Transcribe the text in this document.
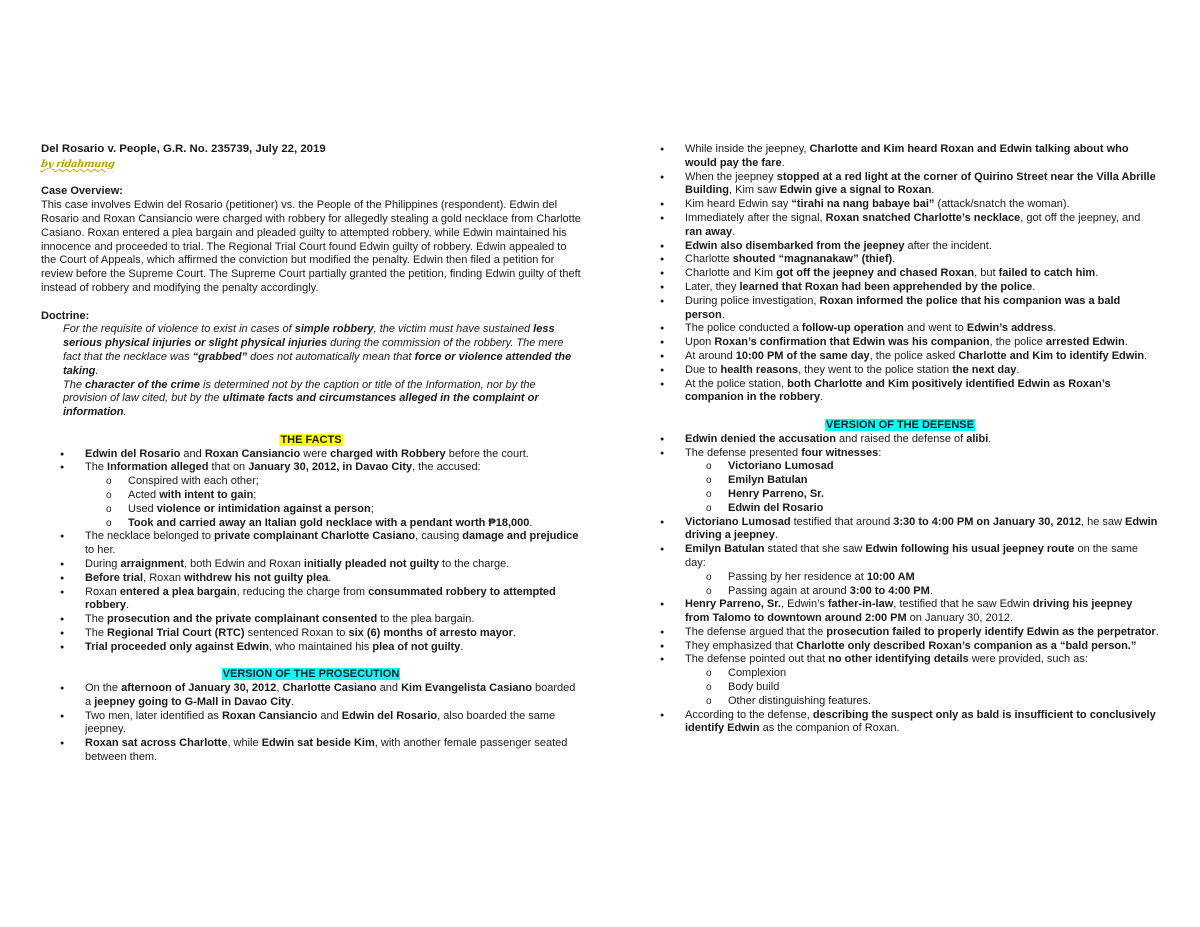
Del Rosario v. People, G.R. No. 235739, July 22, 2019
by ridahmung
Case Overview:

This case involves Edwin del Rosario (petitioner) vs. the People of the Philippines (respondent). Edwin del Rosario and Roxan Cansiancio were charged with robbery for allegedly stealing a gold necklace from Charlotte Casiano. Roxan entered a plea bargain and pleaded guilty to attempted robbery, while Edwin maintained his innocence and proceeded to trial. The Regional Trial Court found Edwin guilty of robbery. Edwin appealed to the Court of Appeals, which affirmed the conviction but modified the penalty. Edwin then filed a petition for review before the Supreme Court. The Supreme Court partially granted the petition, finding Edwin guilty of theft instead of robbery and modifying the penalty accordingly.

Doctrine:

For the requisite of violence to exist in cases of simple robbery, the victim must have sustained less serious physical injuries or slight physical injuries during the commission of the robbery. The mere fact that the necklace was “grabbed” does not automatically mean that force or violence attended the taking.

The character of the crime is determined not by the caption or title of the Information, nor by the provision of law cited, but by the ultimate facts and circumstances alleged in the complaint or information.

THE FACTS
● Edwin del Rosario and Roxan Cansiancio were charged with Robbery before the court.
● The Information alleged that on January 30, 2012, in Davao City, the accused:
o Conspired with each other;
o Acted with intent to gain;
o Used violence or intimidation against a person;
o Took and carried away an Italian gold necklace with a pendant worth ₱18,000.
● The necklace belonged to private complainant Charlotte Casiano, causing damage and prejudice to her.
● During arraignment, both Edwin and Roxan initially pleaded not guilty to the charge.
● Before trial, Roxan withdrew his not guilty plea.
● Roxan entered a plea bargain, reducing the charge from consummated robbery to attempted robbery.
● The prosecution and the private complainant consented to the plea bargain.
● The Regional Trial Court (RTC) sentenced Roxan to six (6) months of arresto mayor.
● Trial proceeded only against Edwin, who maintained his plea of not guilty.
VERSION OF THE PROSECUTION
● On the afternoon of January 30, 2012, Charlotte Casiano and Kim Evangelista Casiano boarded a jeepney going to G-Mall in Davao City.
● Two men, later identified as Roxan Cansiancio and Edwin del Rosario, also boarded the same jeepney.
● Roxan sat across Charlotte, while Edwin sat beside Kim, with another female passenger seated between them.
● While inside the jeepney, Charlotte and Kim heard Roxan and Edwin talking about who would pay the fare.
● When the jeepney stopped at a red light at the corner of Quirino Street near the Villa Abrille Building, Kim saw Edwin give a signal to Roxan.
● Kim heard Edwin say “tirahi na nang babaye bai” (attack/snatch the woman).
● Immediately after the signal, Roxan snatched Charlotte’s necklace, got off the jeepney, and ran away.
● Edwin also disembarked from the jeepney after the incident.
● Charlotte shouted “magnanakaw” (thief).
● Charlotte and Kim got off the jeepney and chased Roxan, but failed to catch him.
● Later, they learned that Roxan had been apprehended by the police.
● During police investigation, Roxan informed the police that his companion was a bald person.
● The police conducted a follow-up operation and went to Edwin’s address.
● Upon Roxan’s confirmation that Edwin was his companion, the police arrested Edwin.
● At around 10:00 PM of the same day, the police asked Charlotte and Kim to identify Edwin.
● Due to health reasons, they went to the police station the next day.
● At the police station, both Charlotte and Kim positively identified Edwin as Roxan’s companion in the robbery.
VERSION OF THE DEFENSE
● Edwin denied the accusation and raised the defense of alibi.
● The defense presented four witnesses:
o Victoriano Lumosad
o Emilyn Batulan
o Henry Parreno, Sr.
o Edwin del Rosario
● Victoriano Lumosad testified that around 3:30 to 4:00 PM on January 30, 2012, he saw Edwin driving a jeepney.
● Emilyn Batulan stated that she saw Edwin following his usual jeepney route on the same day:
o Passing by her residence at 10:00 AM
o Passing again at around 3:00 to 4:00 PM.
● Henry Parreno, Sr., Edwin’s father-in-law, testified that he saw Edwin driving his jeepney from Talomo to downtown around 2:00 PM on January 30, 2012.
● The defense argued that the prosecution failed to properly identify Edwin as the perpetrator.
● They emphasized that Charlotte only described Roxan’s companion as a “bald person.”
● The defense pointed out that no other identifying details were provided, such as:
o Complexion
o Body build
o Other distinguishing features.
● According to the defense, describing the suspect only as bald is insufficient to conclusively identify Edwin as the companion of Roxan.
